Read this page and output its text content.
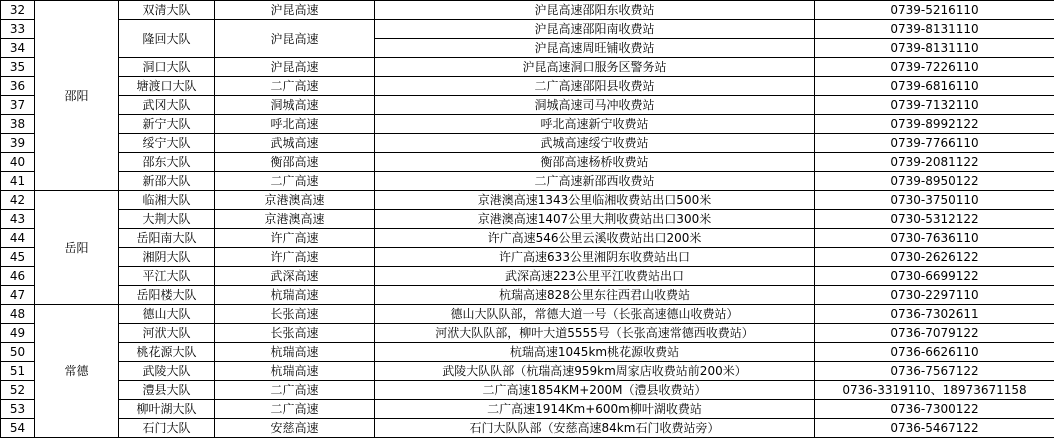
32	邵阳	双清大队	沪昆高速	沪昆高速邵阳东收费站	0739-5216110
33		隆回大队	沪昆高速	沪昆高速邵阳南收费站	0739-8131110
34				沪昆高速周旺铺收费站	0739-8131110
35		洞口大队	沪昆高速	沪昆高速洞口服务区警务站	0739-7226110
36		塘渡口大队	二广高速	二广高速邵阳县收费站	0739-6816110
37		武冈大队	洞城高速	洞城高速司马冲收费站	0739-7132110
38		新宁大队	呼北高速	呼北高速新宁收费站	0739-8992122
39		绥宁大队	武城高速	武城高速绥宁收费站	0739-7766110
40		邵东大队	衡邵高速	衡邵高速杨桥收费站	0739-2081122
41		新邵大队	二广高速	二广高速新邵西收费站	0739-8950122
42	岳阳	临湘大队	京港澳高速	京港澳高速1343公里临湘收费站出口500米	0730-3750110
43		大荆大队	京港澳高速	京港澳高速1407公里大荆收费站出口300米	0730-5312122
44		岳阳南大队	许广高速	许广高速546公里云溪收费站出口200米	0730-7636110
45		湘阴大队	许广高速	许广高速633公里湘阴东收费站出口	0730-2626122
46		平江大队	武深高速	武深高速223公里平江收费站出口	0730-6699122
47		岳阳楼大队	杭瑞高速	杭瑞高速828公里东往西君山收费站	0730-2297110
48	常德	德山大队	长张高速	德山大队队部，常德大道一号（长张高速德山收费站）	0736-7302611
49		河洑大队	长张高速	河洑大队队部，柳叶大道5555号（长张高速常德西收费站）	0736-7079122
50		桃花源大队	杭瑞高速	杭瑞高速1045km桃花源收费站	0736-6626110
51		武陵大队	杭瑞高速	武陵大队队部（杭瑞高速959km周家店收费站前200米）	0736-7567122
52		澧县大队	二广高速	二广高速1854KM+200M（澧县收费站）	0736-3319110、18973671158
53		柳叶湖大队	二广高速	二广高速1914Km+600m柳叶湖收费站	0736-7300122
54		石门大队	安慈高速	石门大队队部（安慈高速84km石门收费站旁）	0736-5467122
